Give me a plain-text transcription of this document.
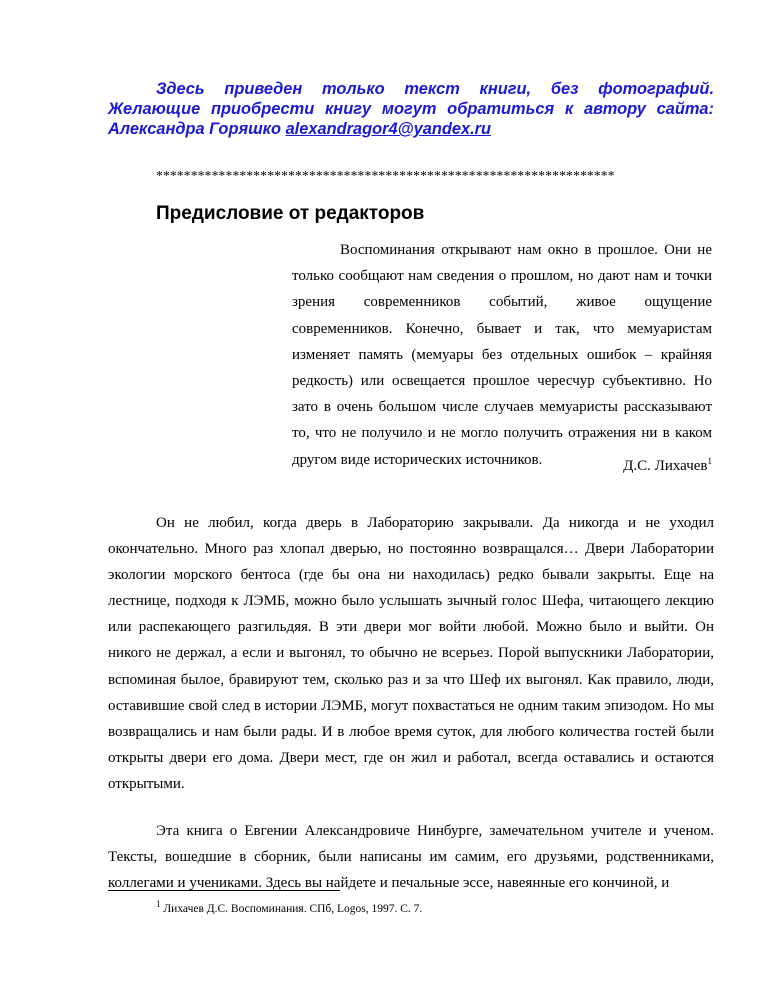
Здесь приведен только текст книги, без фотографий. Желающие приобрести книгу могут обратиться к автору сайта: Александра Горяшко alexandragor4@yandex.ru

******************************************************************
Предисловие от редакторов

Воспоминания открывают нам окно в прошлое. Они не только сообщают нам сведения о прошлом, но дают нам и точки зрения современников событий, живое ощущение современников. Конечно, бывает и так, что мемуаристам изменяет память (мемуары без отдельных ошибок – крайняя редкость) или освещается прошлое чересчур субъективно. Но зато в очень большом числе случаев мемуаристы рассказывают то, что не получило и не могло получить отражения ни в каком другом виде исторических источников.	Д.С. Лихачев$^1$

Он не любил, когда дверь в Лабораторию закрывали. Да никогда и не уходил окончательно. Много раз хлопал дверью, но постоянно возвращался… Двери Лаборатории экологии морского бентоса (где бы она ни находилась) редко бывали закрыты. Еще на лестнице, подходя к ЛЭМБ, можно было услышать зычный голос Шефа, читающего лекцию или распекающего разгильдяя. В эти двери мог войти любой. Можно было и выйти. Он никого не держал, а если и выгонял, то обычно не всерьез. Порой выпускники Лаборатории, вспоминая былое, бравируют тем, сколько раз и за что Шеф их выгонял. Как правило, люди, оставившие свой след в истории ЛЭМБ, могут похвастаться не одним таким эпизодом. Но мы возвращались и нам были рады. И в любое время суток, для любого количества гостей были открыты двери его дома. Двери мест, где он жил и работал, всегда оставались и остаются открытыми.

Эта книга о Евгении Александровиче Нинбурге, замечательном учителе и ученом. Тексты, вошедшие в сборник, были написаны им самим, его друзьями, родственниками, коллегами и учениками. Здесь вы найдете и печальные эссе, навеянные его кончиной, и

$^1$ Лихачев Д.С. Воспоминания. СПб, Logos, 1997. С. 7.
